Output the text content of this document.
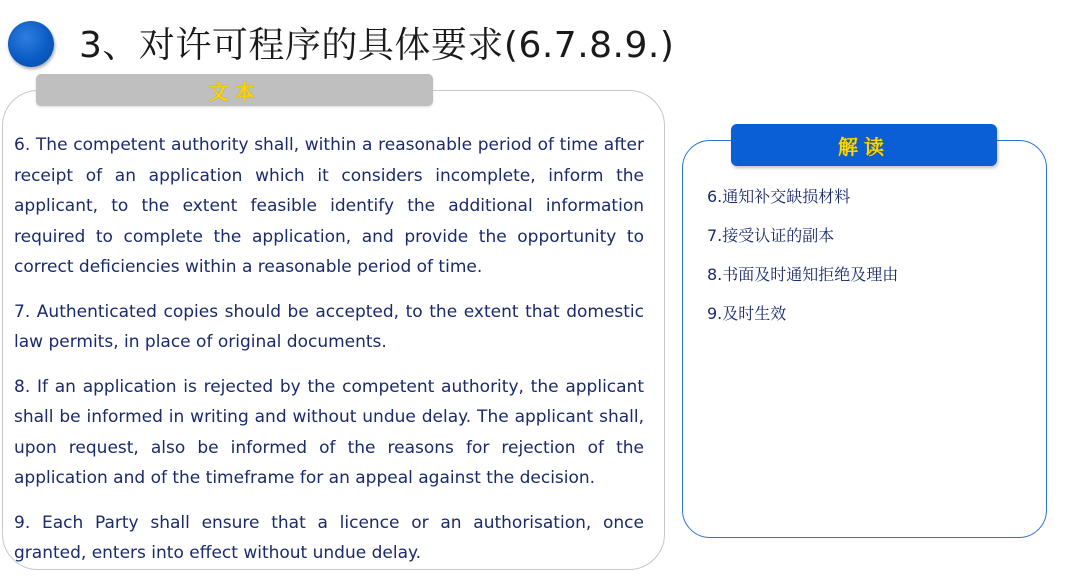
3、对许可程序的具体要求(6.7.8.9.)
文本

6. The competent authority shall, within a reasonable period of time after receipt of an application which it considers incomplete, inform the applicant, to the extent feasible identify the additional information required to complete the application, and provide the opportunity to correct deficiencies within a reasonable period of time.

7. Authenticated copies should be accepted, to the extent that domestic law permits, in place of original documents.

8. If an application is rejected by the competent authority, the applicant shall be informed in writing and without undue delay. The applicant shall, upon request, also be informed of the reasons for rejection of the application and of the timeframe for an appeal against the decision.

9. Each Party shall ensure that a licence or an authorisation, once granted, enters into effect without undue delay.

解读
6.通知补交缺损材料
7.接受认证的副本
8.书面及时通知拒绝及理由
9.及时生效
